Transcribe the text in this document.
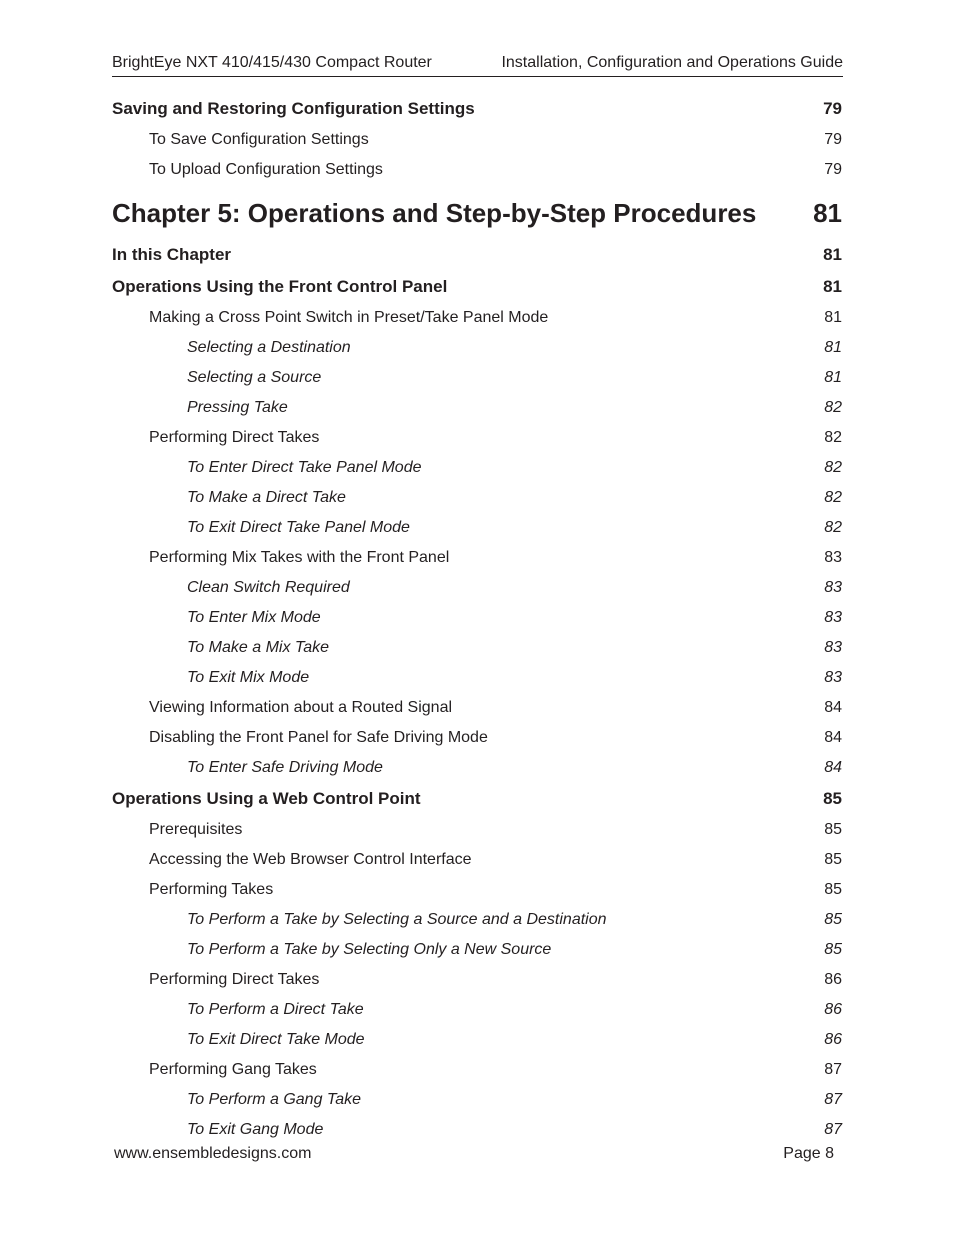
BrightEye NXT 410/415/430 Compact Router	Installation, Configuration and Operations Guide
Saving and Restoring Configuration Settings	79
To Save Configuration Settings	79
To Upload Configuration Settings	79
Chapter 5: Operations and Step-by-Step Procedures 81
In this Chapter	81
Operations Using the Front Control Panel	81
Making a Cross Point Switch in Preset/Take Panel Mode	81
Selecting a Destination	81
Selecting a Source	81
Pressing Take	82
Performing Direct Takes	82
To Enter Direct Take Panel Mode	82
To Make a Direct Take	82
To Exit Direct Take Panel Mode	82
Performing Mix Takes with the Front Panel	83
Clean Switch Required	83
To Enter Mix Mode	83
To Make a Mix Take	83
To Exit Mix Mode	83
Viewing Information about a Routed Signal	84
Disabling the Front Panel for Safe Driving Mode	84
To Enter Safe Driving Mode	84
Operations Using a Web Control Point	85
Prerequisites	85
Accessing the Web Browser Control Interface	85
Performing Takes	85
To Perform a Take by Selecting a Source and a Destination	85
To Perform a Take by Selecting Only a New Source	85
Performing Direct Takes	86
To Perform a Direct Take	86
To Exit Direct Take Mode	86
Performing Gang Takes	87
To Perform a Gang Take	87
To Exit Gang Mode	87
www.ensembledesigns.com	Page 8
